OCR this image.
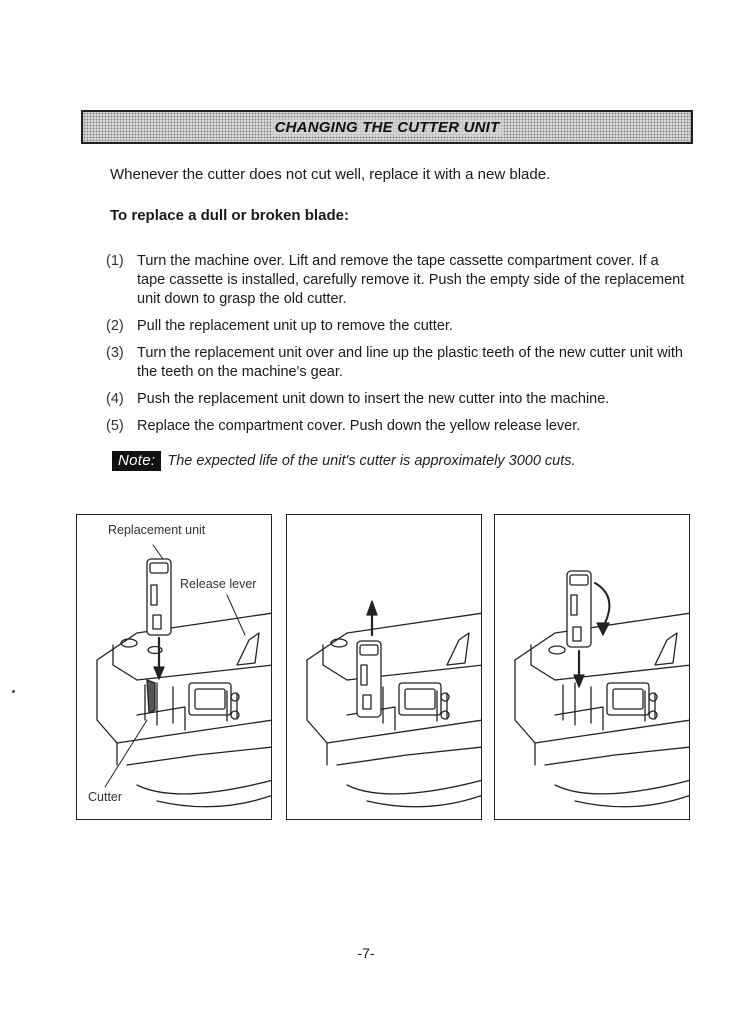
CHANGING THE CUTTER UNIT

Whenever the cutter does not cut well, replace it with a new blade.

To replace a dull or broken blade:

(1) Turn the machine over. Lift and remove the tape cassette compartment cover. If a tape cassette is installed, carefully remove it. Push the empty side of the replacement unit down to grasp the old cutter.
(2) Pull the replacement unit up to remove the cutter.
(3) Turn the replacement unit over and line up the plastic teeth of the new cutter unit with the teeth on the machine's gear.
(4) Push the replacement unit down to insert the new cutter into the machine.
(5) Replace the compartment cover. Push down the yellow release lever.
Note: The expected life of the unit's cutter is approximately 3000 cuts.
Replacement unit
Release lever
Cutter
-7-
